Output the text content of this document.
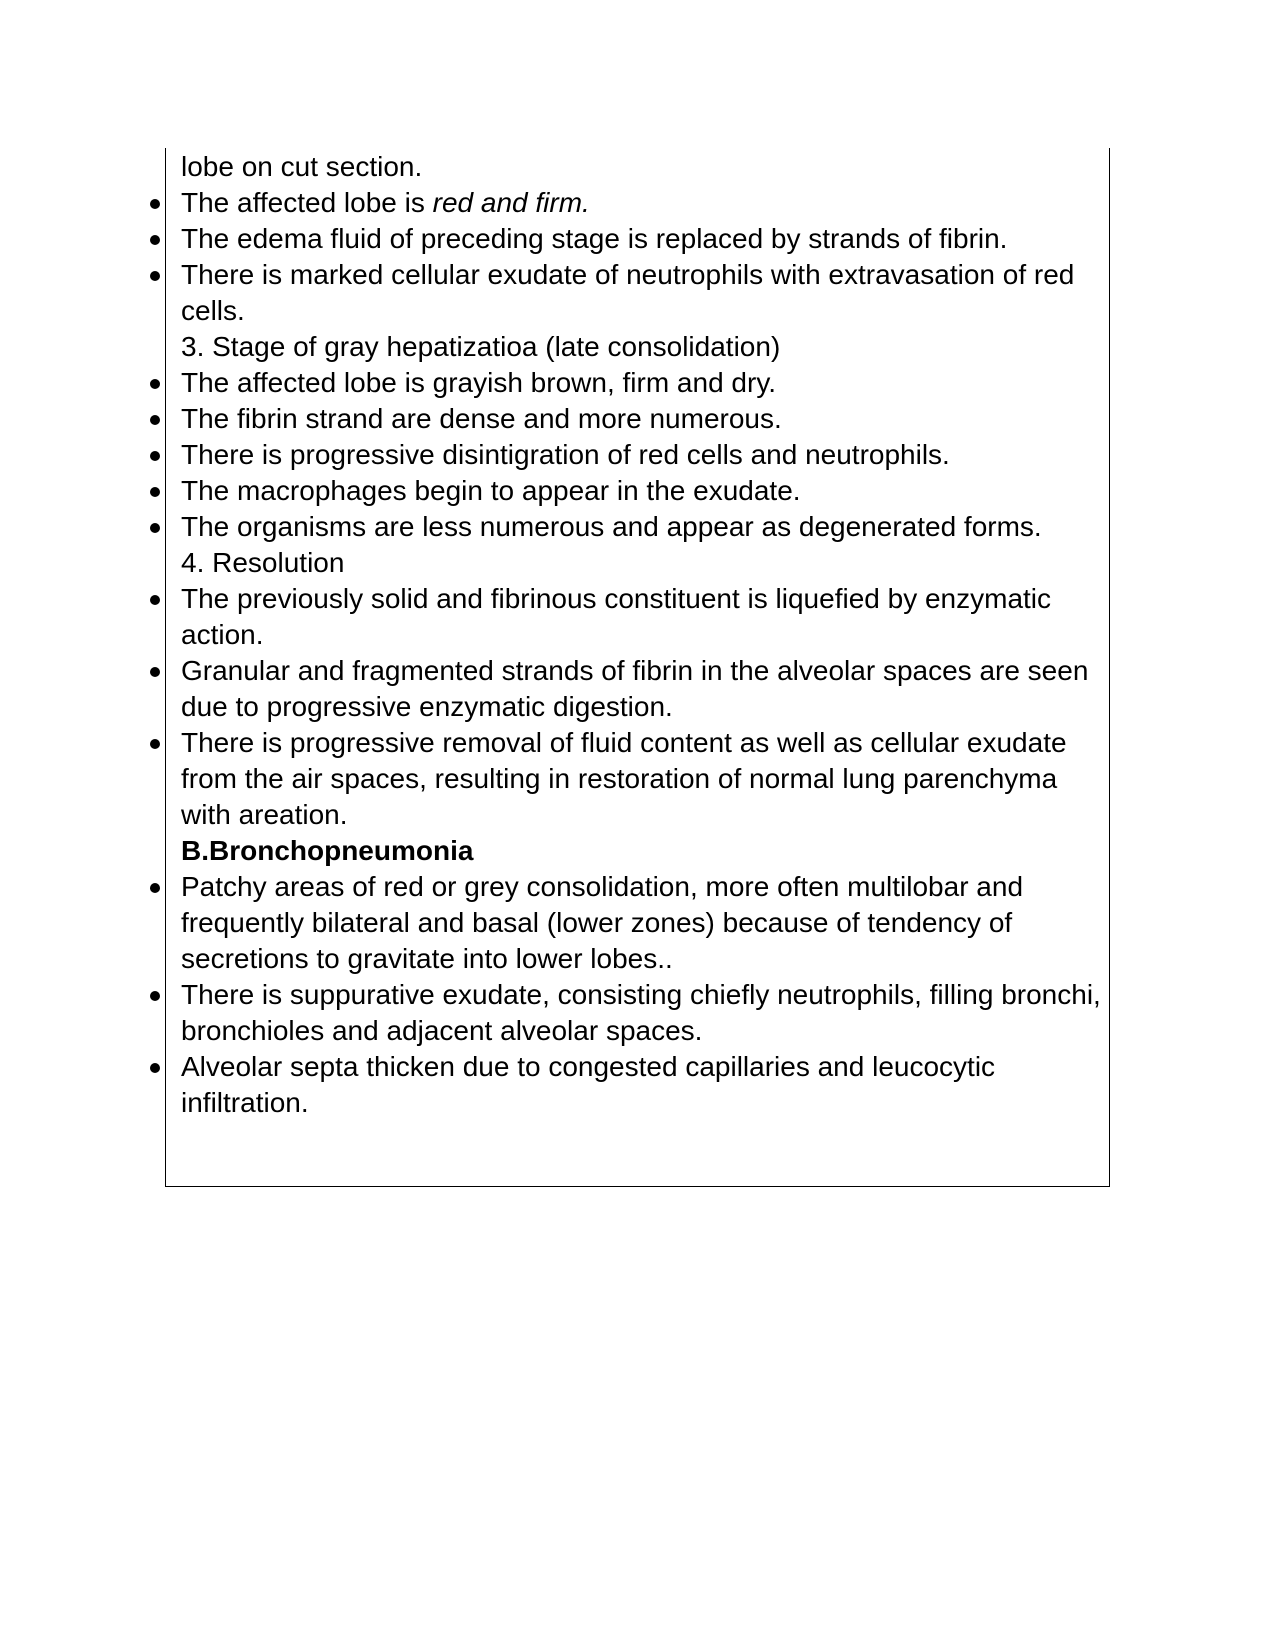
lobe on cut section.

The affected lobe is red and firm.

The edema fluid of preceding stage is replaced by strands of fibrin.

There is marked cellular exudate of neutrophils with extravasation of red cells.

3. Stage of gray hepatizatioa (late consolidation)

The affected lobe is grayish brown, firm and dry.

The fibrin strand are dense and more numerous.

There is progressive disintigration of red cells and neutrophils.

The macrophages begin to appear in the exudate.

The organisms are less numerous and appear as degenerated forms.

4. Resolution

The previously solid and fibrinous constituent is liquefied by enzymatic action.

Granular and fragmented strands of fibrin in the alveolar spaces are seen due to progressive enzymatic digestion.

There is progressive removal of fluid content as well as cellular exudate from the air spaces, resulting in restoration of normal lung parenchyma with areation.

B.Bronchopneumonia

Patchy areas of red or grey consolidation, more often multilobar and frequently bilateral and basal (lower zones) because of tendency of secretions to gravitate into lower lobes..

There is suppurative exudate, consisting chiefly neutrophils, filling bronchi, bronchioles and adjacent alveolar spaces.

Alveolar septa thicken due to congested capillaries and leucocytic infiltration.
